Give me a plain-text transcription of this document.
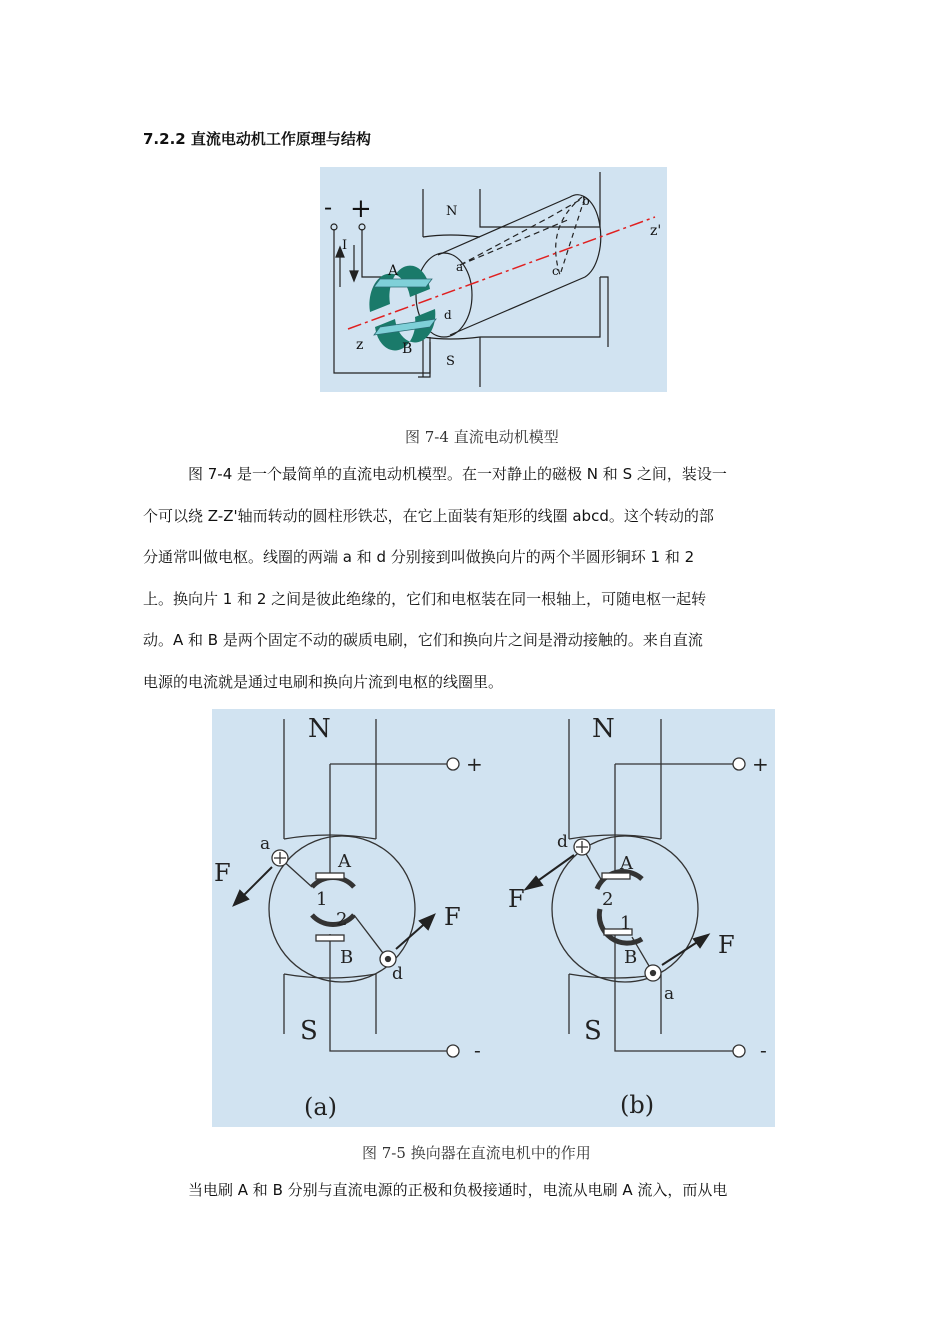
7.2.2 直流电动机工作原理与结构
- +
I
N
S
A
B
z
z'
a
b
c
d
图 7-4 直流电动机模型
图 7-4 是一个最简单的直流电动机模型。在一对静止的磁极 N 和 S 之间，装设一
个可以绕 Z-Z'轴而转动的圆柱形铁芯，在它上面装有矩形的线圈 abcd。这个转动的部
分通常叫做电枢。线圈的两端 a 和 d 分别接到叫做换向片的两个半圆形铜环 1 和 2
上。换向片 1 和 2 之间是彼此绝缘的，它们和电枢装在同一根轴上，可随电枢一起转
动。A 和 B 是两个固定不动的碳质电刷，它们和换向片之间是滑动接触的。来自直流
电源的电流就是通过电刷和换向片流到电枢的线圈里。
N
S
+
-
A
B
1
2
a
d
F
F
(a)
N
S
+
-
A
B
2
1
d
a
F
F
(b)
图 7-5 换向器在直流电机中的作用
当电刷 A 和 B 分别与直流电源的正极和负极接通时，电流从电刷 A 流入，而从电
